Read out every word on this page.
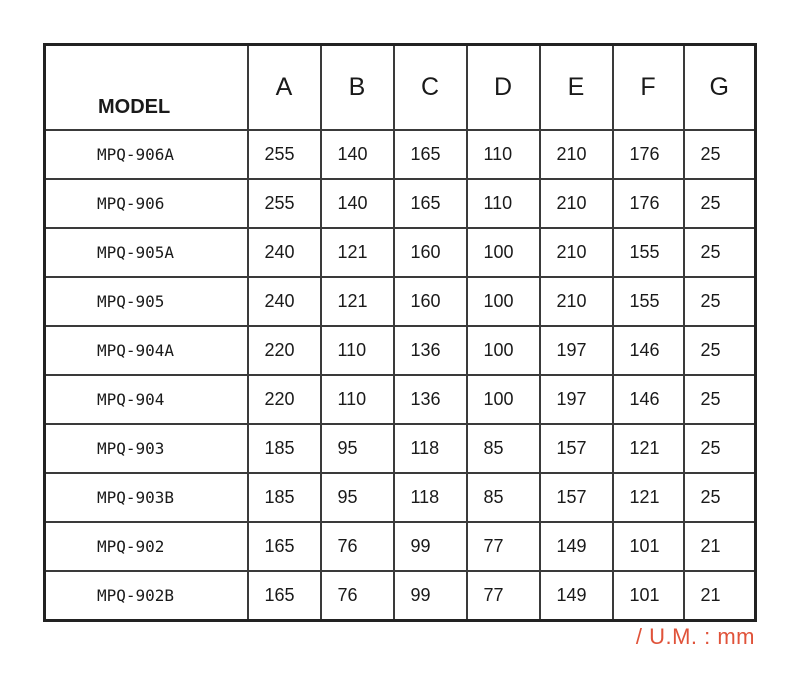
MODEL	A	B	C	D	E	F	G
MPQ-906A	255	140	165	110	210	176	25
MPQ-906	255	140	165	110	210	176	25
MPQ-905A	240	121	160	100	210	155	25
MPQ-905	240	121	160	100	210	155	25
MPQ-904A	220	110	136	100	197	146	25
MPQ-904	220	110	136	100	197	146	25
MPQ-903	185	95	118	85	157	121	25
MPQ-903B	185	95	118	85	157	121	25
MPQ-902	165	76	99	77	149	101	21
MPQ-902B	165	76	99	77	149	101	21
/ U.M. : mm
